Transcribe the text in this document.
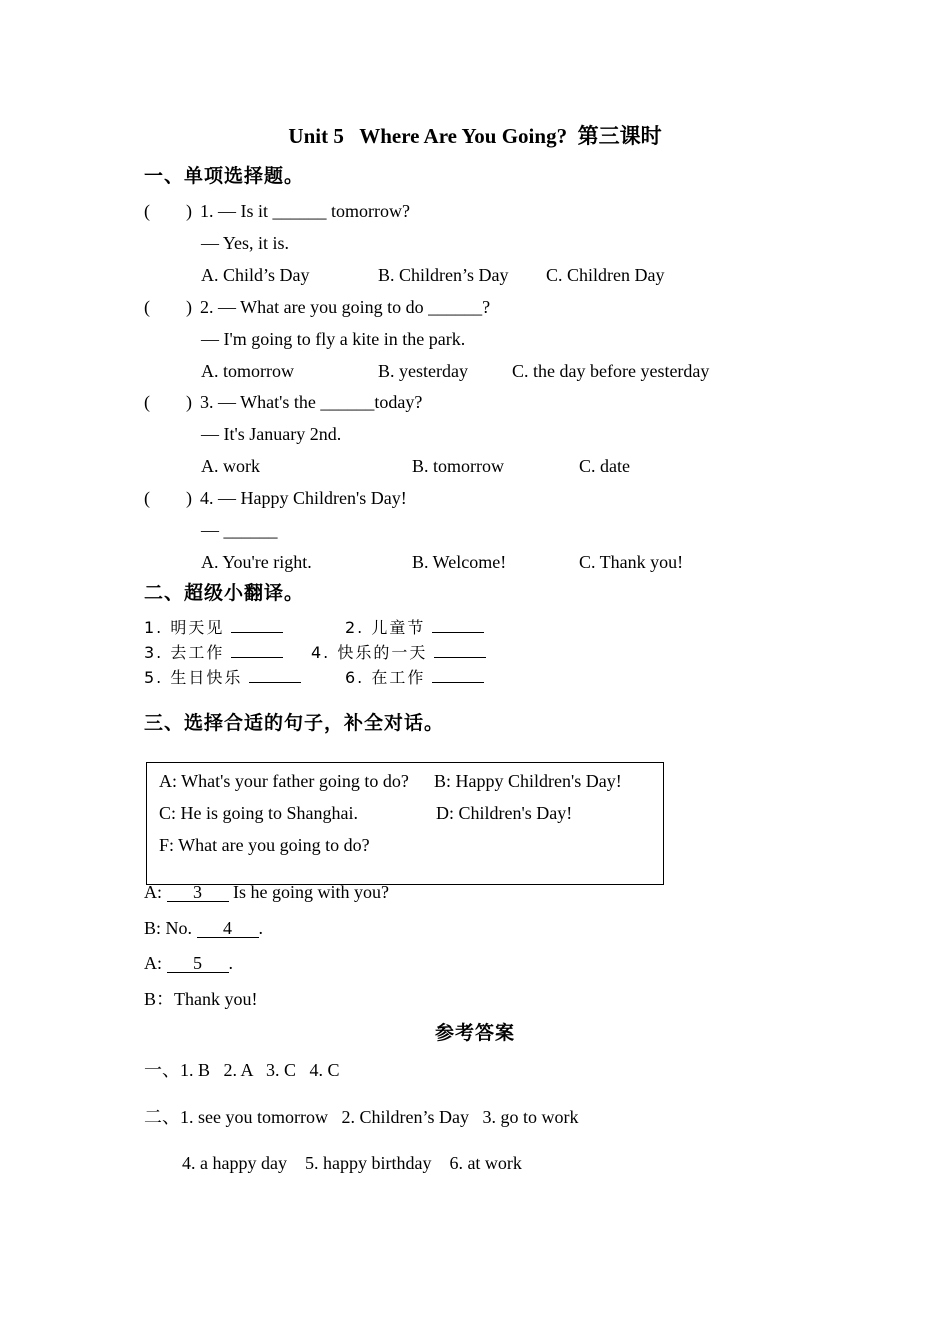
Unit 5   Where Are You Going?  第三课时
一、单项选择题。
(        ) 1. — Is it ______ tomorrow?
— Yes, it is.
A. Child’s Day	B. Children’s Day C. Children Day
(        ) 2. — What are you going to do ______?
— I'm going to fly a kite in the park.
A. tomorrow	B. yesterday C. the day before yesterday
(        ) 3. — What's the ______today?
— It's January 2nd.
A. work	B. tomorrow	C. date
(        ) 4. — Happy Children's Day!
— ______
A. You're right.	B. Welcome!	C. Thank you!
二、超级小翻译。
1. 明天见	2. 儿童节
3. 去工作	4. 快乐的一天
5. 生日快乐	6. 在工作
三、选择合适的句子，补全对话。
A: What's your father going to do? B: Happy Children's Day!
C: He is going to Shanghai.	D: Children's Day!
F: What are you going to do?
A: 3 Is he going with you?
B: No. 4 .
A: 5 .
B：Thank you!
参考答案
一、1. B   2. A   3. C   4. C
二、1. see you tomorrow   2. Children’s Day   3. go to work
4. a happy day    5. happy birthday    6. at work
